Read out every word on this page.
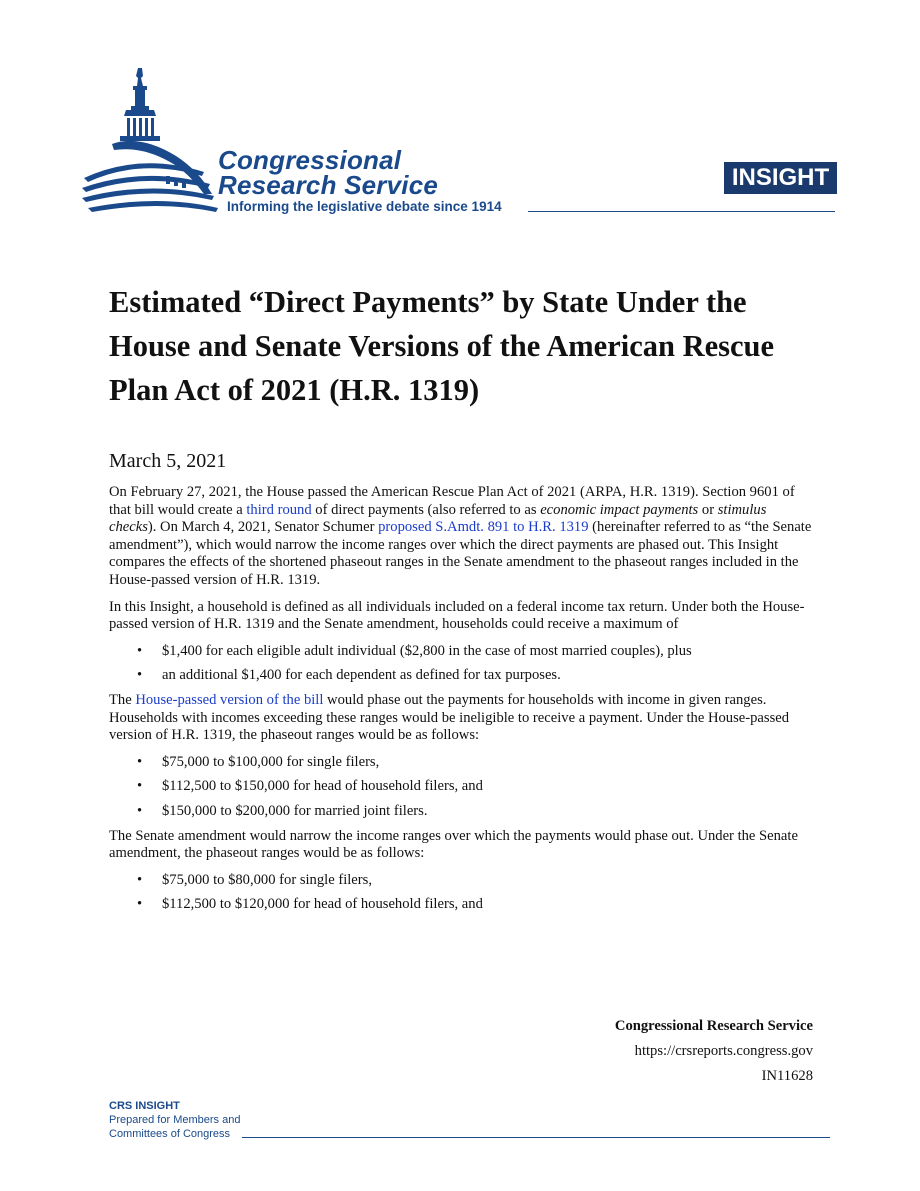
Congressional
Research Service
Informing the legislative debate since 1914
INSIGHT
Estimated “Direct Payments” by State Under the House and Senate Versions of the American Rescue Plan Act of 2021 (H.R. 1319)
March 5, 2021

On February 27, 2021, the House passed the American Rescue Plan Act of 2021 (ARPA, H.R. 1319). Section 9601 of that bill would create a third round of direct payments (also referred to as economic impact payments or stimulus checks). On March 4, 2021, Senator Schumer proposed S.Amdt. 891 to H.R. 1319 (hereinafter referred to as “the Senate amendment”), which would narrow the income ranges over which the direct payments are phased out. This Insight compares the effects of the shortened phaseout ranges in the Senate amendment to the phaseout ranges included in the House-passed version of H.R. 1319.

In this Insight, a household is defined as all individuals included on a federal income tax return. Under both the House-passed version of H.R. 1319 and the Senate amendment, households could receive a maximum of

• $1,400 for each eligible adult individual ($2,800 in the case of most married couples), plus
• an additional $1,400 for each dependent as defined for tax purposes.

The House-passed version of the bill would phase out the payments for households with income in given ranges. Households with incomes exceeding these ranges would be ineligible to receive a payment. Under the House-passed version of H.R. 1319, the phaseout ranges would be as follows:

• $75,000 to $100,000 for single filers,
• $112,500 to $150,000 for head of household filers, and
• $150,000 to $200,000 for married joint filers.

The Senate amendment would narrow the income ranges over which the payments would phase out. Under the Senate amendment, the phaseout ranges would be as follows:

• $75,000 to $80,000 for single filers,
• $112,500 to $120,000 for head of household filers, and
Congressional Research Service
https://crsreports.congress.gov
IN11628
CRS INSIGHT
Prepared for Members and
Committees of Congress
